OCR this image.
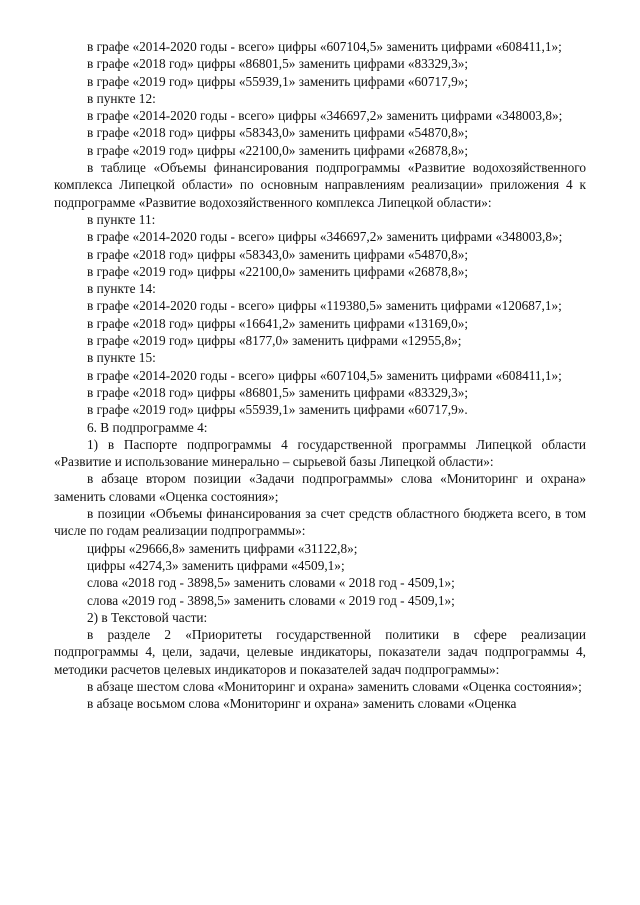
в графе «2014-2020 годы - всего» цифры «607104,5» заменить цифрами «608411,1»;

в графе «2018 год» цифры «86801,5» заменить цифрами «83329,3»;

в графе «2019 год» цифры «55939,1» заменить цифрами «60717,9»;

в пункте 12:

в графе «2014-2020 годы - всего» цифры «346697,2» заменить цифрами «348003,8»;

в графе «2018 год» цифры «58343,0» заменить цифрами «54870,8»;

в графе «2019 год» цифры «22100,0» заменить цифрами «26878,8»;

в таблице «Объемы финансирования подпрограммы «Развитие водохозяйственного комплекса Липецкой области» по основным направлениям реализации» приложения 4 к подпрограмме «Развитие водохозяйственного комплекса Липецкой области»:

в пункте 11:

в графе «2014-2020 годы - всего» цифры «346697,2» заменить цифрами «348003,8»;

в графе «2018 год» цифры «58343,0» заменить цифрами «54870,8»;

в графе «2019 год» цифры «22100,0» заменить цифрами «26878,8»;

в пункте 14:

в графе «2014-2020 годы - всего» цифры «119380,5» заменить цифрами «120687,1»;

в графе «2018 год» цифры «16641,2» заменить цифрами «13169,0»;

в графе «2019 год» цифры «8177,0» заменить цифрами «12955,8»;

в пункте 15:

в графе «2014-2020 годы - всего» цифры «607104,5» заменить цифрами «608411,1»;

в графе «2018 год» цифры «86801,5» заменить цифрами «83329,3»;

в графе «2019 год» цифры «55939,1» заменить цифрами «60717,9».

6. В подпрограмме 4:

1) в Паспорте подпрограммы 4 государственной программы Липецкой области «Развитие и использование минерально – сырьевой базы Липецкой области»:

в абзаце втором позиции «Задачи подпрограммы» слова «Мониторинг и охрана» заменить словами «Оценка состояния»;

в позиции «Объемы финансирования за счет средств областного бюджета всего, в том числе по годам реализации подпрограммы»:

цифры «29666,8» заменить цифрами «31122,8»;

цифры «4274,3» заменить цифрами «4509,1»;

слова «2018 год - 3898,5» заменить словами « 2018 год - 4509,1»;

слова «2019 год - 3898,5» заменить словами « 2019 год - 4509,1»;

2) в Текстовой части:

в разделе 2 «Приоритеты государственной политики в сфере реализации подпрограммы 4, цели, задачи, целевые индикаторы, показатели задач подпрограммы 4, методики расчетов целевых индикаторов и показателей задач подпрограммы»:

в абзаце шестом слова «Мониторинг и охрана» заменить словами «Оценка состояния»;

в абзаце восьмом слова «Мониторинг и охрана» заменить словами «Оценка
